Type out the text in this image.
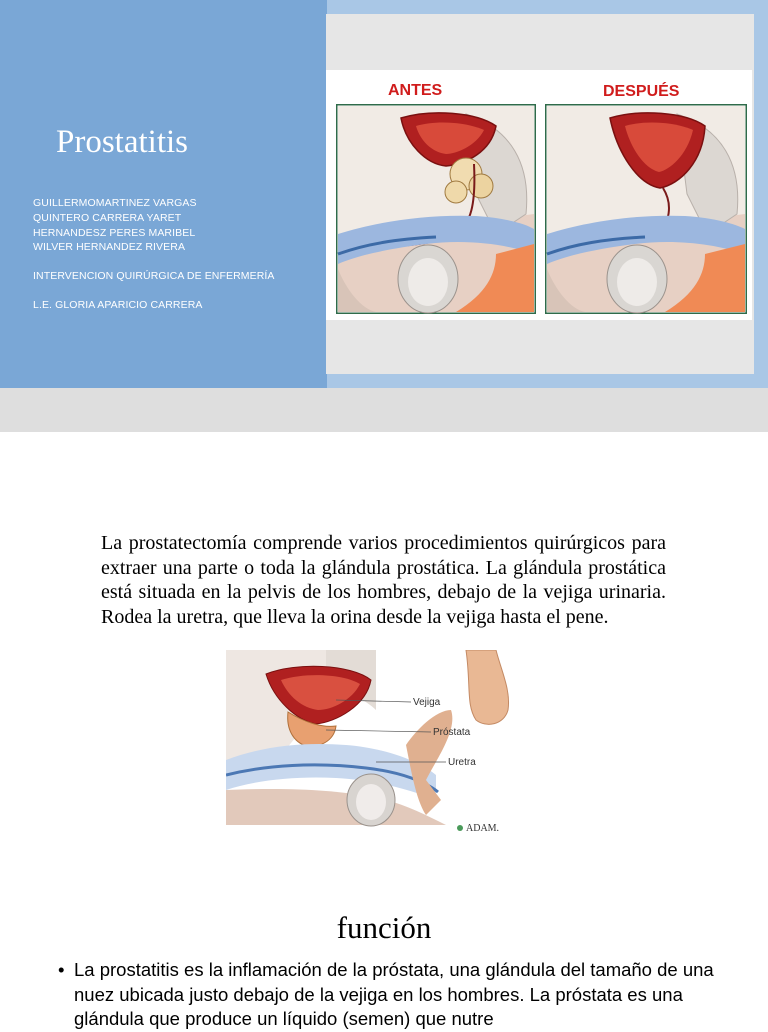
Prostatitis
GUILLERMOMARTINEZ VARGAS
QUINTERO CARRERA YARET
HERNANDESZ PERES MARIBEL
WILVER HERNANDEZ RIVERA
INTERVENCION QUIRÚRGICA DE ENFERMERÍA
L.E. GLORIA APARICIO CARRERA
ANTES	DESPUÉS
La prostatectomía comprende varios procedimientos quirúrgicos para extraer una parte o toda la glándula prostática. La glándula prostática está situada en la pelvis de los hombres, debajo de la vejiga urinaria. Rodea la uretra, que lleva la orina desde la vejiga hasta el pene.
Vejiga
Próstata
Uretra
ADAM.
función
• La prostatitis es la inflamación de la próstata, una glándula del tamaño de una nuez ubicada justo debajo de la vejiga en los hombres. La próstata es una glándula que produce un líquido (semen) que nutre
